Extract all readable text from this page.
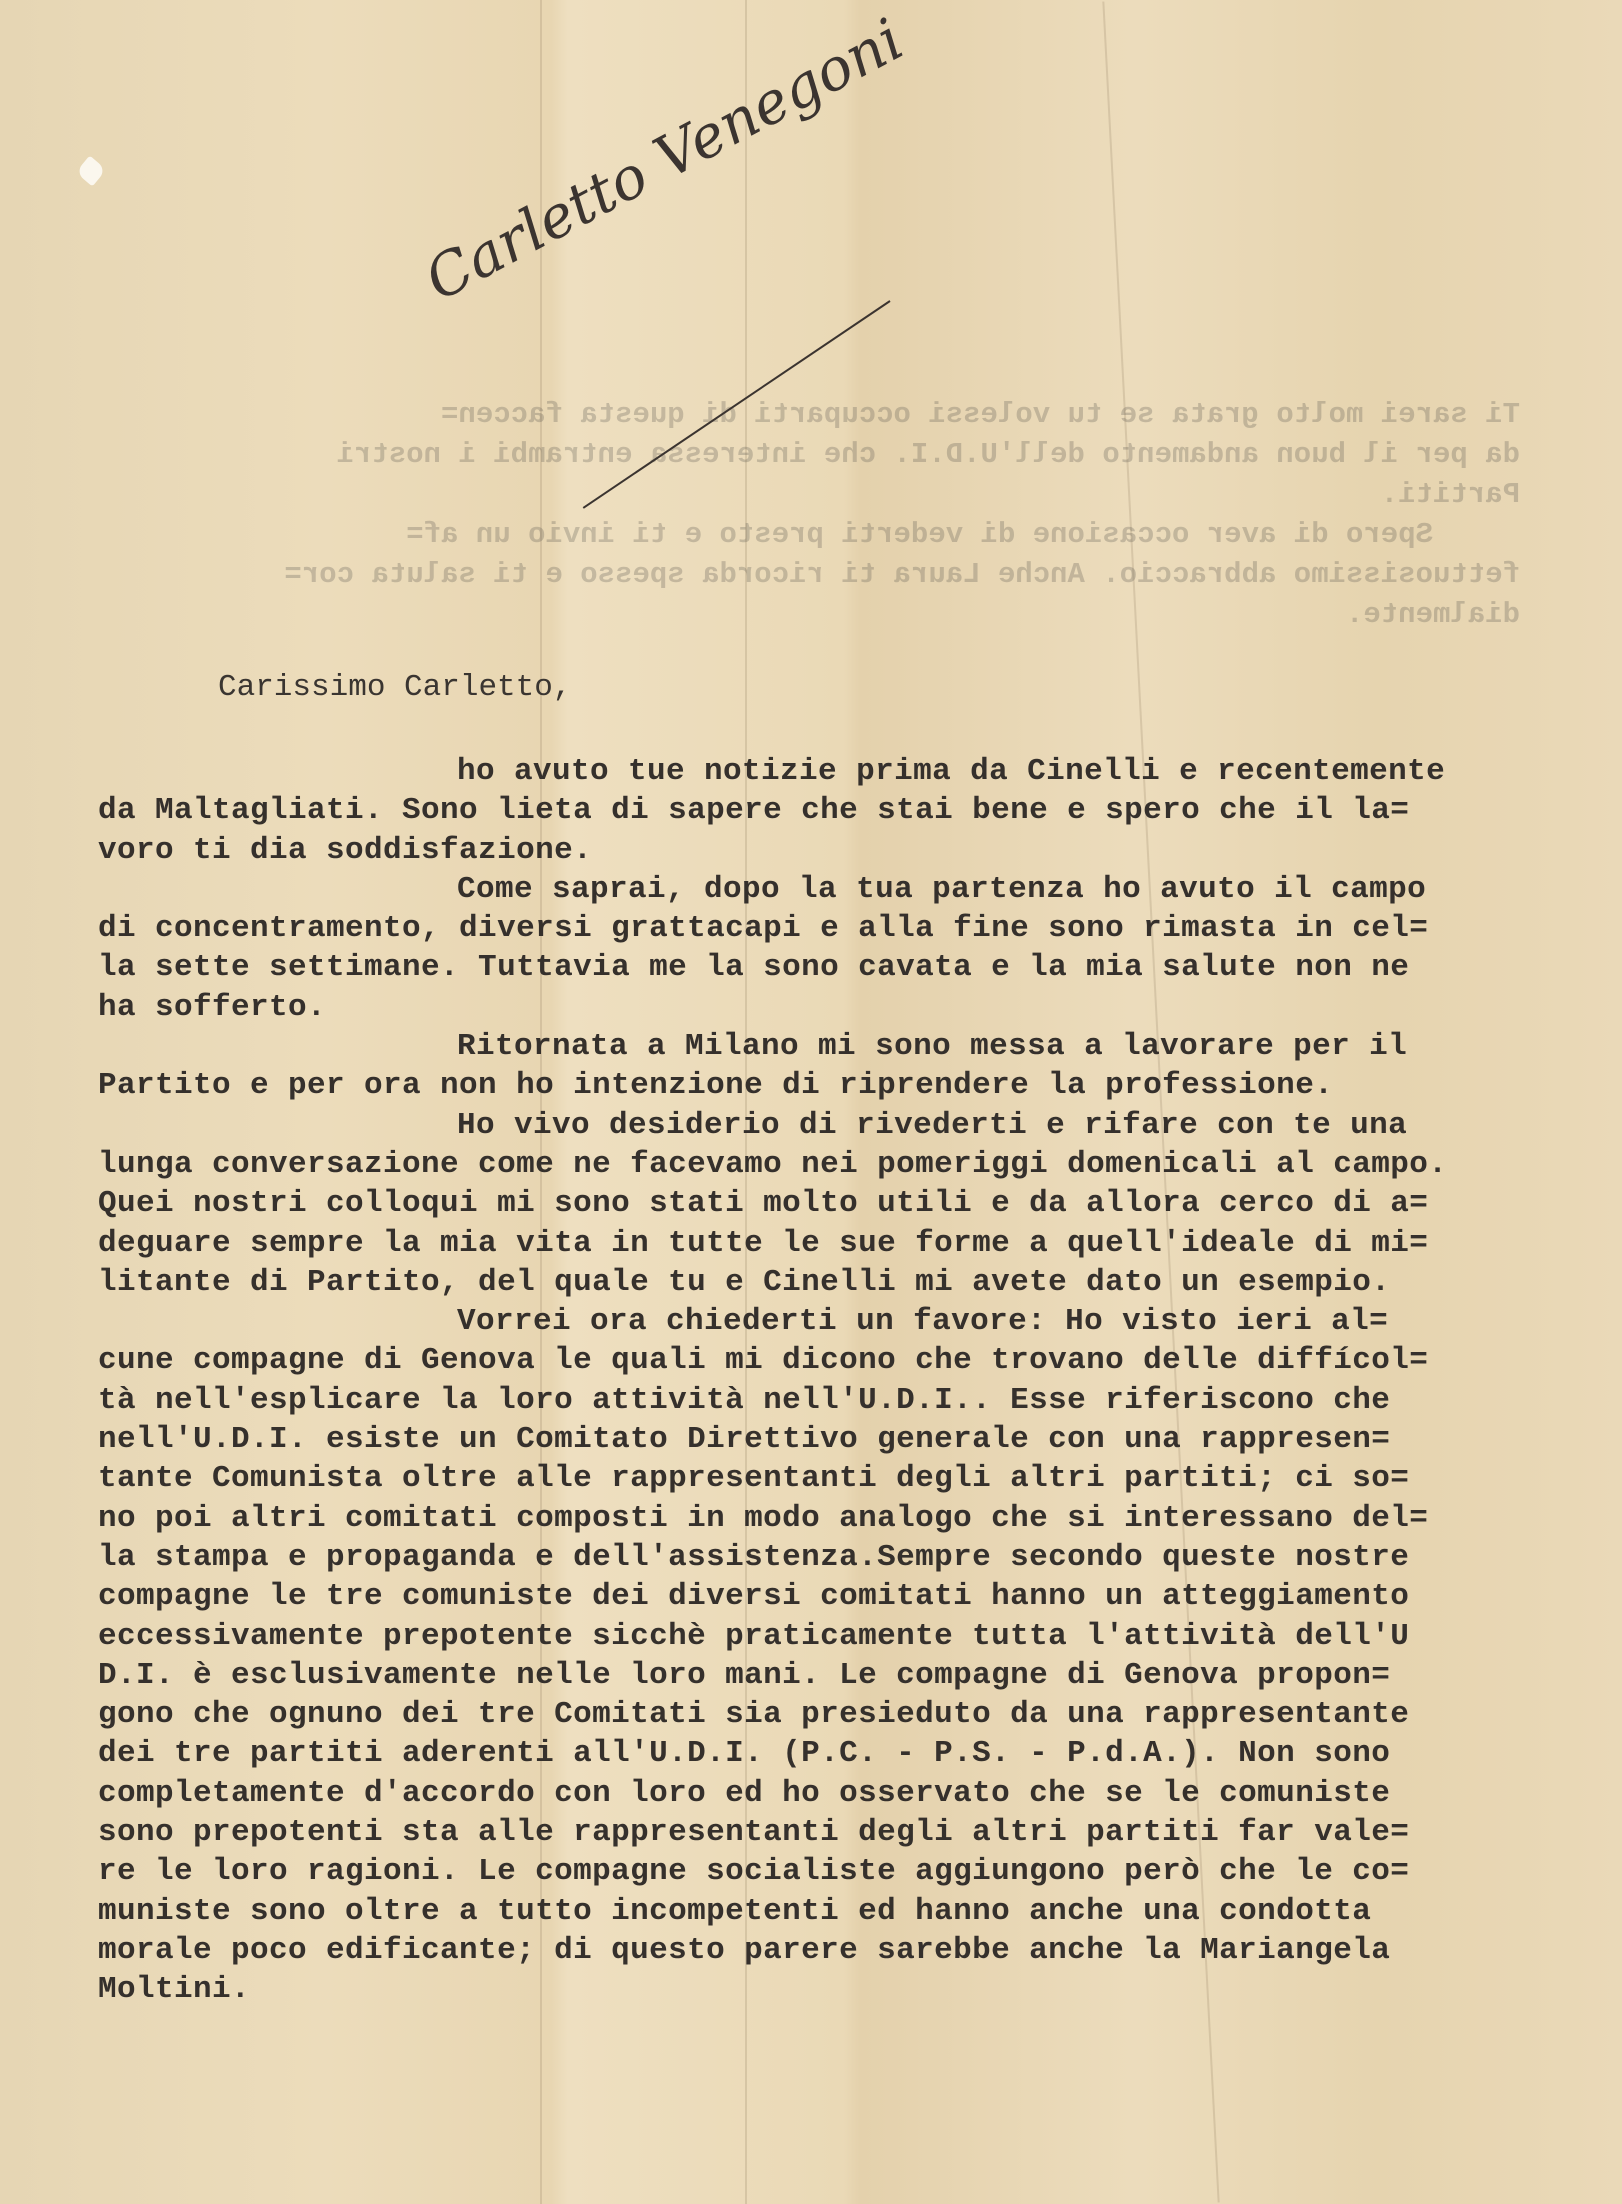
Ti sarei molto grata se tu volessi occuparti di questa faccen=
da per il buon andamento dell'U.D.I. che interessa entrambi i nostri
Partiti.
Spero di aver occasione di vederti presto e ti invio un af=
fettuosissimo abbraccio. Anche Laura ti ricorda spesso e ti saluta cor=
dialmente.
Carletto Venegoni
Carissimo Carletto,
ho avuto tue notizie prima da Cinelli e recentemente
da Maltagliati. Sono lieta di sapere che stai bene e spero che il la=
voro ti dia soddisfazione.
Come saprai, dopo la tua partenza ho avuto il campo
di concentramento, diversi grattacapi e alla fine sono rimasta in cel=
la sette settimane. Tuttavia me la sono cavata e la mia salute non ne
ha sofferto.
Ritornata a Milano mi sono messa a lavorare per il
Partito e per ora non ho intenzione di riprendere la professione.
Ho vivo desiderio di rivederti e rifare con te una
lunga conversazione come ne facevamo nei pomeriggi domenicali al campo.
Quei nostri colloqui mi sono stati molto utili e da allora cerco di a=
deguare sempre la mia vita in tutte le sue forme a quell'ideale di mi=
litante di Partito, del quale tu e Cinelli mi avete dato un esempio.
Vorrei ora chiederti un favore: Ho visto ieri al=
cune compagne di Genova le quali mi dicono che trovano delle diffícol=
tà nell'esplicare la loro attività nell'U.D.I.. Esse riferiscono che
nell'U.D.I. esiste un Comitato Direttivo generale con una rappresen=
tante Comunista oltre alle rappresentanti degli altri partiti; ci so=
no poi altri comitati composti in modo analogo che si interessano del=
la stampa e propaganda e dell'assistenza.Sempre secondo queste nostre
compagne le tre comuniste dei diversi comitati hanno un atteggiamento
eccessivamente prepotente sicchè praticamente tutta l'attività dell'U
D.I. è esclusivamente nelle loro mani. Le compagne di Genova propon=
gono che ognuno dei tre Comitati sia presieduto da una rappresentante
dei tre partiti aderenti all'U.D.I. (P.C. - P.S. - P.d.A.). Non sono
completamente d'accordo con loro ed ho osservato che se le comuniste
sono prepotenti sta alle rappresentanti degli altri partiti far vale=
re le loro ragioni. Le compagne socialiste aggiungono però che le co=
muniste sono oltre a tutto incompetenti ed hanno anche una condotta
morale poco edificante; di questo parere sarebbe anche la Mariangela
Moltini.
